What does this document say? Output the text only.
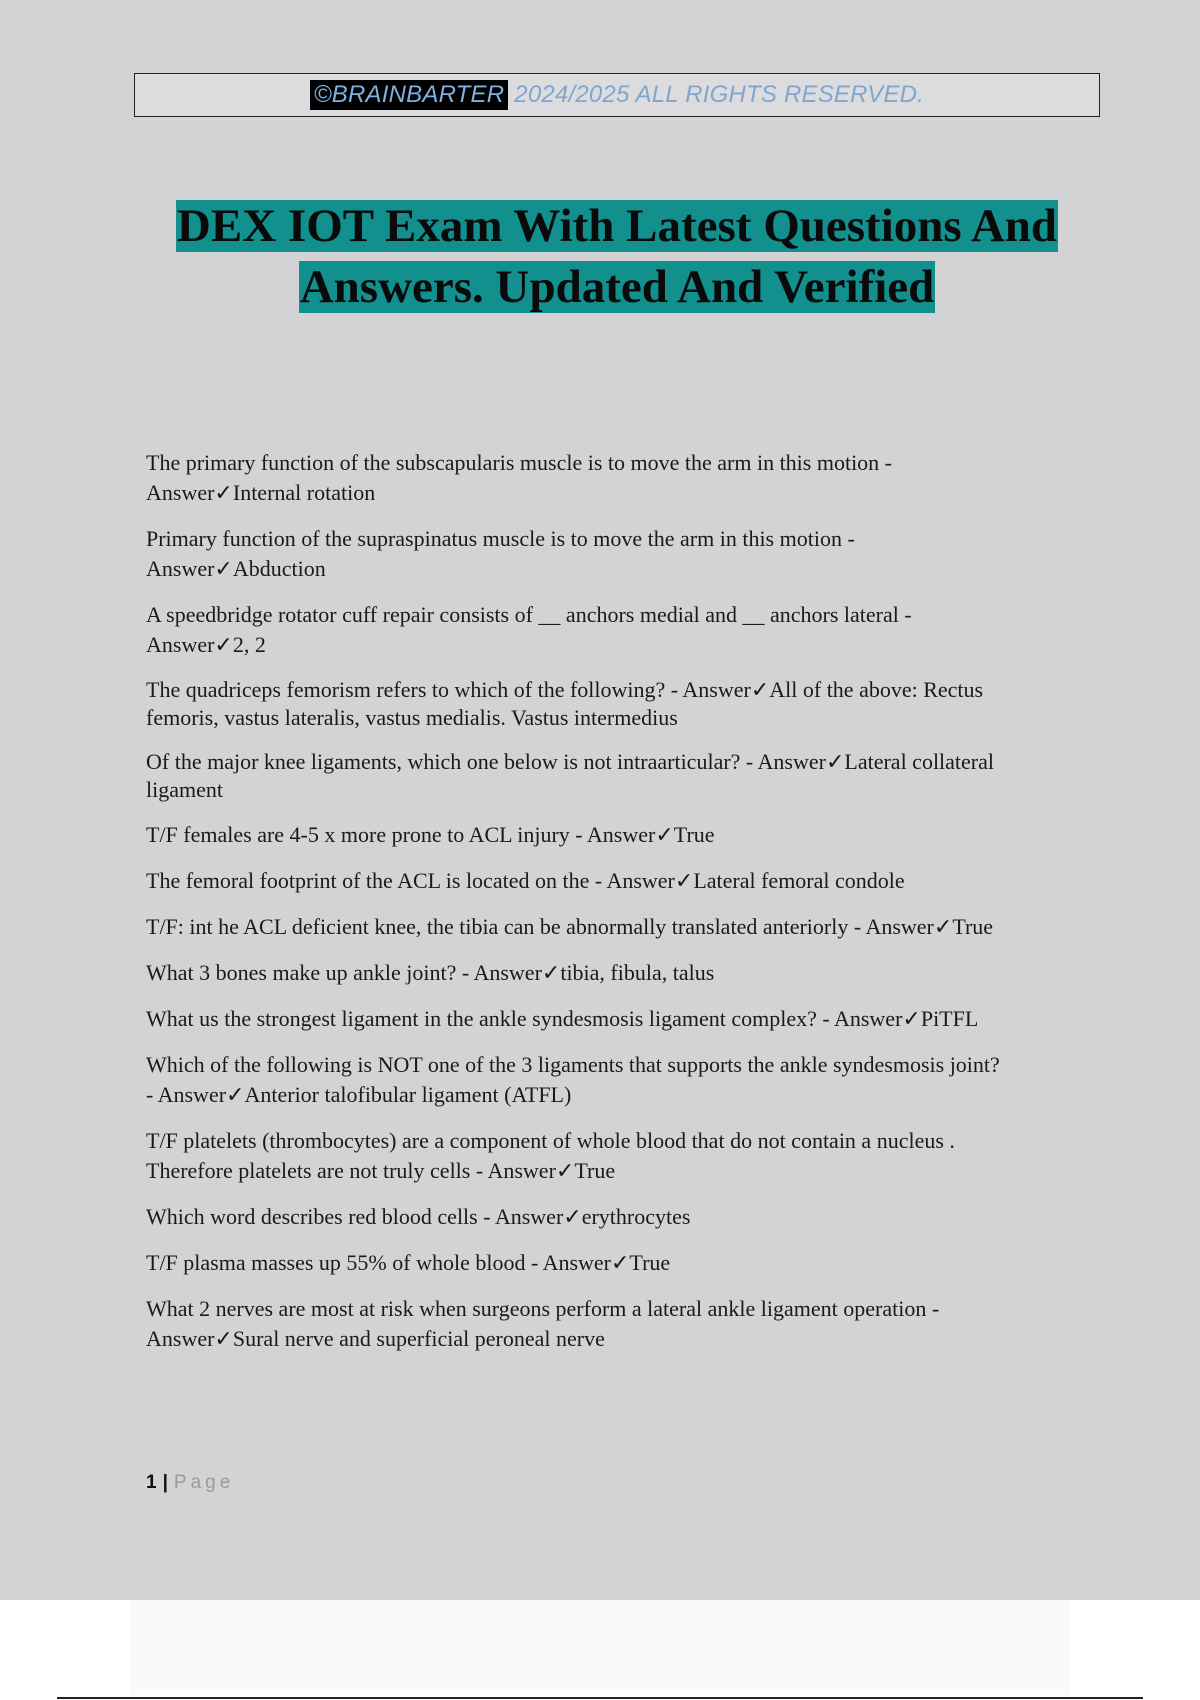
©BRAINBARTER 2024/2025 ALL RIGHTS RESERVED.
DEX IOT Exam With Latest Questions And
Answers. Updated And Verified
The primary function of the subscapularis muscle is to move the arm in this motion -
Answer✓Internal rotation
Primary function of the supraspinatus muscle is to move the arm in this motion -
Answer✓Abduction
A speedbridge rotator cuff repair consists of __ anchors medial and __ anchors lateral -
Answer✓2, 2
The quadriceps femorism refers to which of the following? - Answer✓All of the above: Rectus
femoris, vastus lateralis, vastus medialis. Vastus intermedius
Of the major knee ligaments, which one below is not intraarticular? - Answer✓Lateral collateral
ligament
T/F females are 4-5 x more prone to ACL injury - Answer✓True
The femoral footprint of the ACL is located on the - Answer✓Lateral femoral condole
T/F: int he ACL deficient knee, the tibia can be abnormally translated anteriorly - Answer✓True
What 3 bones make up ankle joint? - Answer✓tibia, fibula, talus
What us the strongest ligament in the ankle syndesmosis ligament complex? - Answer✓PiTFL
Which of the following is NOT one of the 3 ligaments that supports the ankle syndesmosis joint?
- Answer✓Anterior talofibular ligament (ATFL)
T/F platelets (thrombocytes) are a component of whole blood that do not contain a nucleus .
Therefore platelets are not truly cells - Answer✓True
Which word describes red blood cells - Answer✓erythrocytes
T/F plasma masses up 55% of whole blood - Answer✓True
What 2 nerves are most at risk when surgeons perform a lateral ankle ligament operation -
Answer✓Sural nerve and superficial peroneal nerve
1 | Page
